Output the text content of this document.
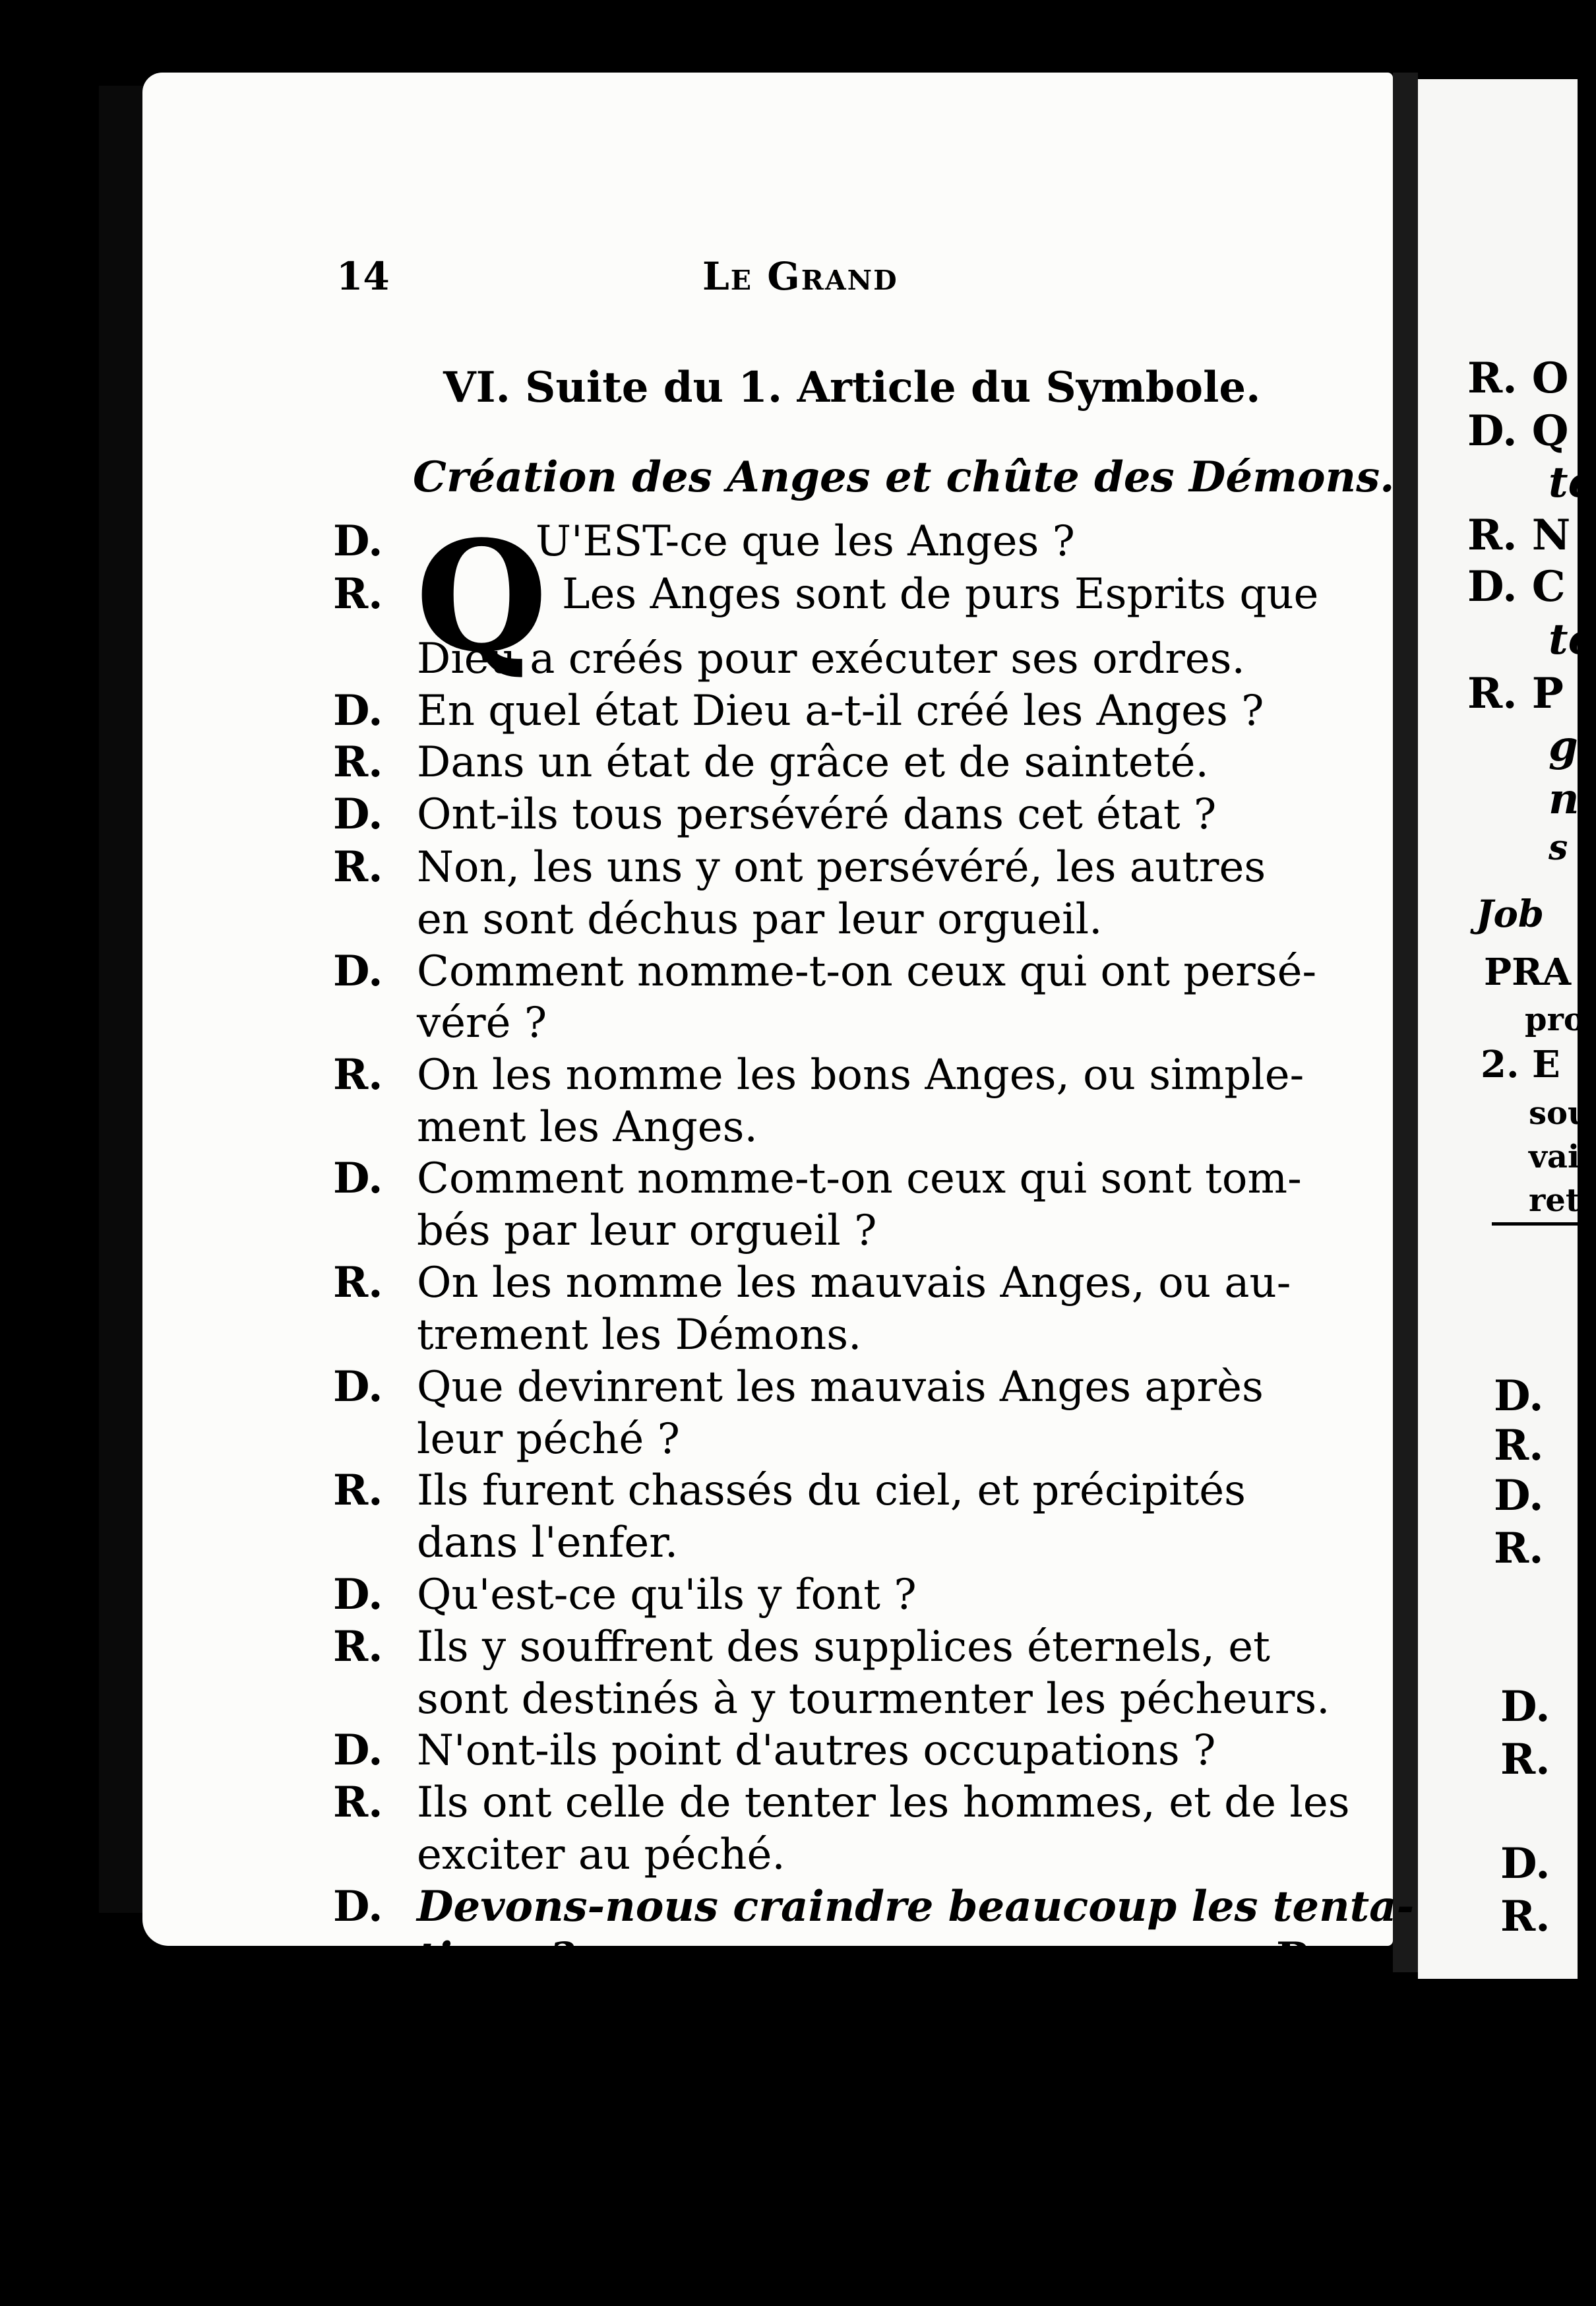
14	Le Grand
VI. Suite du 1. Article du Symbole.
Création des Anges et chûte des Démons.
Q
D.
R.
D.
R.
D.
R.
D.
R.
D.
R.
D.
R.
D.
R.
D.
R.
D.
U'EST-ce que les Anges ?
Les Anges sont de purs Esprits que
Dieu a créés pour exécuter ses ordres.
En quel état Dieu a-t-il créé les Anges ?
Dans un état de grâce et de sainteté.
Ont-ils tous persévéré dans cet état ?
Non, les uns y ont persévéré, les autres
en sont déchus par leur orgueil.
Comment nomme-t-on ceux qui ont persé-
véré ?
On les nomme les bons Anges, ou simple-
ment les Anges.
Comment nomme-t-on ceux qui sont tom-
bés par leur orgueil ?
On les nomme les mauvais Anges, ou au-
trement les Démons.
Que devinrent les mauvais Anges après
leur péché ?
Ils furent chassés du ciel, et précipités
dans l'enfer.
Qu'est-ce qu'ils y font ?
Ils y souffrent des supplices éternels, et
sont destinés à y tourmenter les pécheurs.
N'ont-ils point d'autres occupations ?
Ils ont celle de tenter les hommes, et de les
exciter au péché.
Devons-nous craindre beaucoup les tenta-
tions ?	R.
R. O
D. Q
te
R. N
D. C
to
R. P
g
n
s
Job
PRA
pro
2. E
sou
vai
ret
D.
R.
D.
R.
D.
R.
D.
R.
